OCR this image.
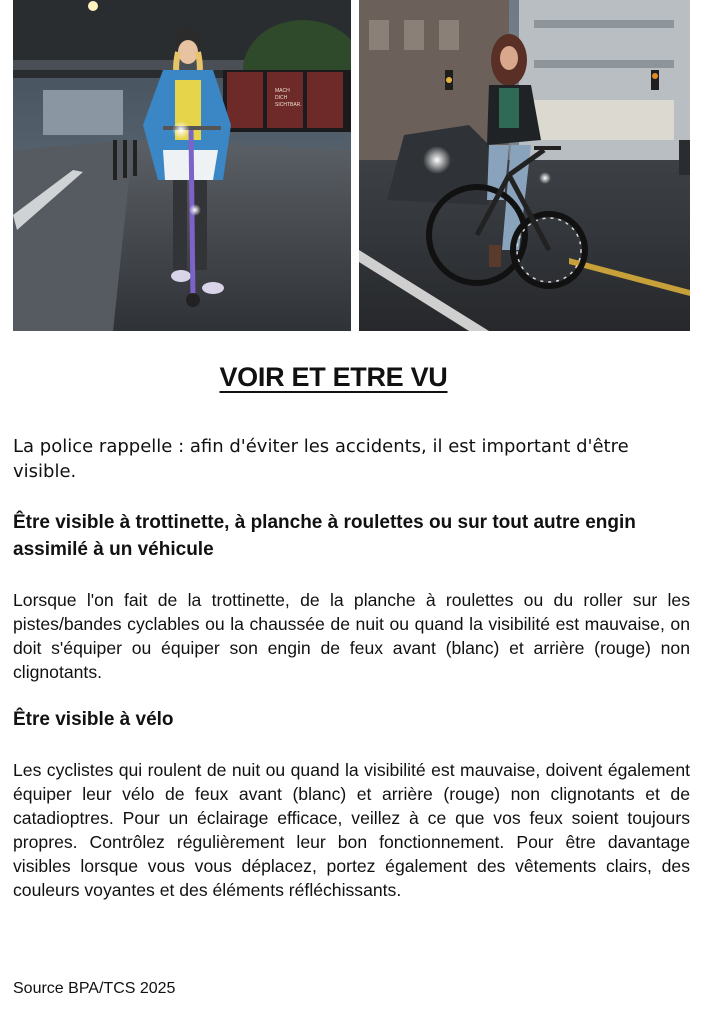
MACH
DICH
SICHTBAR.
VOIR ET ETRE VU

La police rappelle : afin d'éviter les accidents, il est important d'être visible.

Être visible à trottinette, à planche à roulettes ou sur tout autre engin assimilé à un véhicule

Lorsque l'on fait de la trottinette, de la planche à roulettes ou du roller sur les pistes/bandes cyclables ou la chaussée de nuit ou quand la visibilité est mauvaise, on doit s'équiper ou équiper son engin de feux avant (blanc) et arrière (rouge) non clignotants.

Être visible à vélo

Les cyclistes qui roulent de nuit ou quand la visibilité est mauvaise, doivent également équiper leur vélo de feux avant (blanc) et arrière (rouge) non clignotants et de catadioptres. Pour un éclairage efficace, veillez à ce que vos feux soient toujours propres. Contrôlez régulièrement leur bon fonctionnement. Pour être davantage visibles lorsque vous vous déplacez, portez également des vêtements clairs, des couleurs voyantes et des éléments réfléchissants.

Source BPA/TCS 2025
